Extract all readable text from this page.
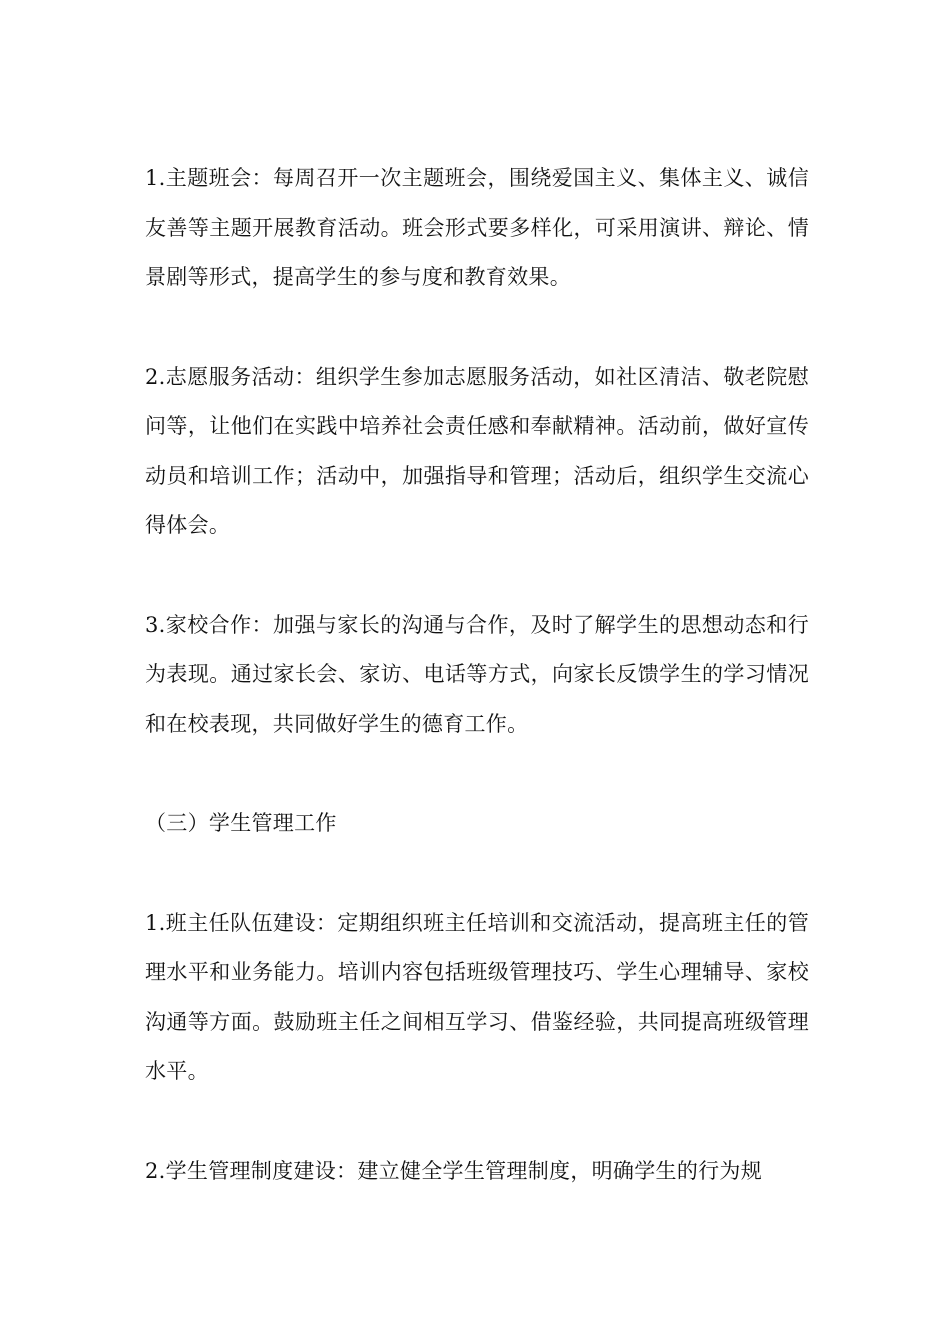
1.主题班会：每周召开一次主题班会，围绕爱国主义、集体主义、诚信友善等主题开展教育活动。班会形式要多样化，可采用演讲、辩论、情景剧等形式，提高学生的参与度和教育效果。

2.志愿服务活动：组织学生参加志愿服务活动，如社区清洁、敬老院慰问等，让他们在实践中培养社会责任感和奉献精神。活动前，做好宣传动员和培训工作；活动中，加强指导和管理；活动后，组织学生交流心得体会。

3.家校合作：加强与家长的沟通与合作，及时了解学生的思想动态和行为表现。通过家长会、家访、电话等方式，向家长反馈学生的学习情况和在校表现，共同做好学生的德育工作。

（三）学生管理工作

1.班主任队伍建设：定期组织班主任培训和交流活动，提高班主任的管理水平和业务能力。培训内容包括班级管理技巧、学生心理辅导、家校沟通等方面。鼓励班主任之间相互学习、借鉴经验，共同提高班级管理水平。

2.学生管理制度建设：建立健全学生管理制度，明确学生的行为规
